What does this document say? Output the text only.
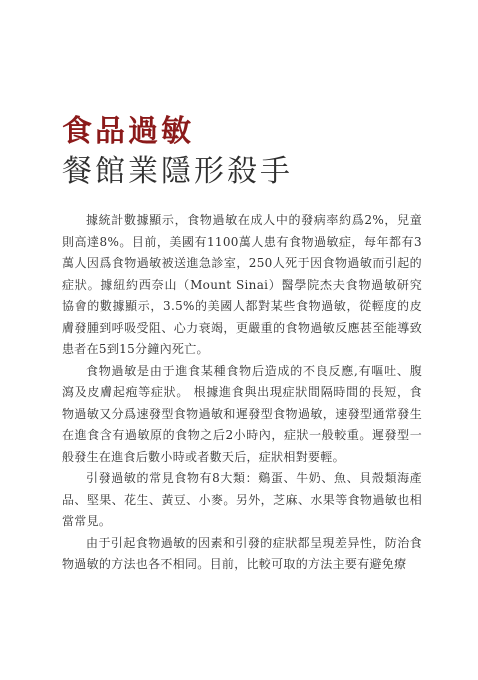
食品過敏
餐館業隱形殺手

據統計數據顯示，食物過敏在成人中的發病率約爲2%，兒童則高達8%。目前，美國有1100萬人患有食物過敏症，每年都有3萬人因爲食物過敏被送進急診室，250人死于因食物過敏而引起的症狀。據紐約西奈山（Mount Sinai）醫學院杰夫食物過敏研究協會的數據顯示，3.5%的美國人都對某些食物過敏，從輕度的皮膚發腫到呼吸受阻、心力衰竭，更嚴重的食物過敏反應甚至能導致患者在5到15分鐘內死亡。

食物過敏是由于進食某種食物后造成的不良反應,有嘔吐、腹瀉及皮膚起疱等症狀。 根據進食與出現症狀間隔時間的長短，食物過敏又分爲速發型食物過敏和遲發型食物過敏，速發型通常發生在進食含有過敏原的食物之后2小時內，症狀一般較重。遲發型一般發生在進食后數小時或者數天后，症狀相對要輕。

引發過敏的常見食物有8大類：鷄蛋、牛奶、魚、貝殼類海產品、堅果、花生、黃豆、小麥。另外，芝麻、水果等食物過敏也相當常見。

由于引起食物過敏的因素和引發的症狀都呈現差异性，防治食物過敏的方法也各不相同。目前，比較可取的方法主要有避免療
